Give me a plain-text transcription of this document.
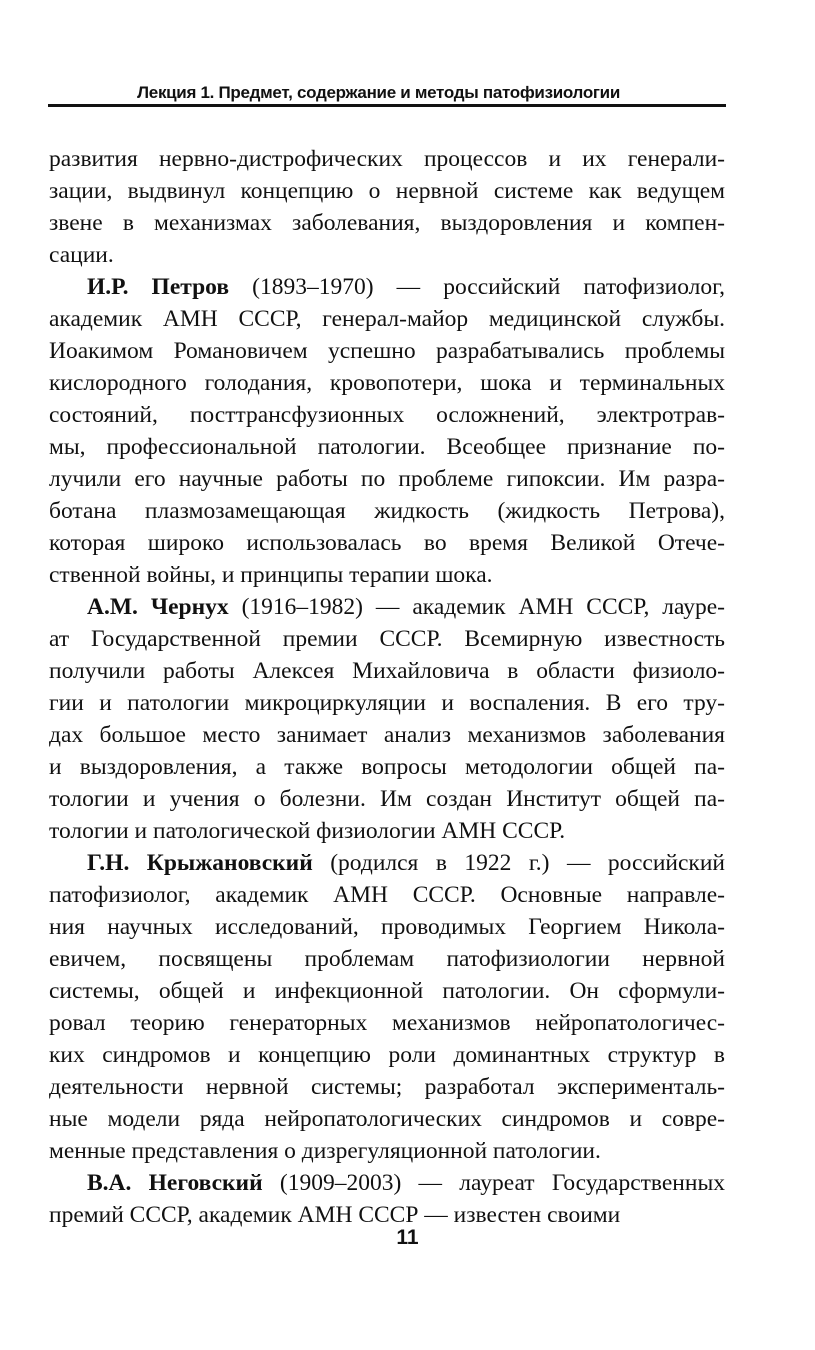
Лекция 1. Предмет, содержание и методы патофизиологии
развития нервно-дистрофических процессов и их генерали-
зации, выдвинул концепцию о нервной системе как ведущем
звене в механизмах заболевания, выздоровления и компен-
сации.
И.Р. Петров (1893–1970) — российский патофизиолог,
академик АМН СССР, генерал-майор медицинской службы.
Иоакимом Романовичем успешно разрабатывались проблемы
кислородного голодания, кровопотери, шока и терминальных
состояний, посттрансфузионных осложнений, электротрав-
мы, профессиональной патологии. Всеобщее признание по-
лучили его научные работы по проблеме гипоксии. Им разра-
ботана плазмозамещающая жидкость (жидкость Петрова),
которая широко использовалась во время Великой Отече-
ственной войны, и принципы терапии шока.
А.М. Чернух (1916–1982) — академик АМН СССР, лауре-
ат Государственной премии СССР. Всемирную известность
получили работы Алексея Михайловича в области физиоло-
гии и патологии микроциркуляции и воспаления. В его тру-
дах большое место занимает анализ механизмов заболевания
и выздоровления, а также вопросы методологии общей па-
тологии и учения о болезни. Им создан Институт общей па-
тологии и патологической физиологии АМН СССР.
Г.Н. Крыжановский (родился в 1922 г.) — российский
патофизиолог, академик АМН СССР. Основные направле-
ния научных исследований, проводимых Георгием Никола-
евичем, посвящены проблемам патофизиологии нервной
системы, общей и инфекционной патологии. Он сформули-
ровал теорию генераторных механизмов нейропатологичес-
ких синдромов и концепцию роли доминантных структур в
деятельности нервной системы; разработал эксперименталь-
ные модели ряда нейропатологических синдромов и совре-
менные представления о дизрегуляционной патологии.
В.А. Неговский (1909–2003) — лауреат Государственных
премий СССР, академик АМН СССР — известен своими
11
